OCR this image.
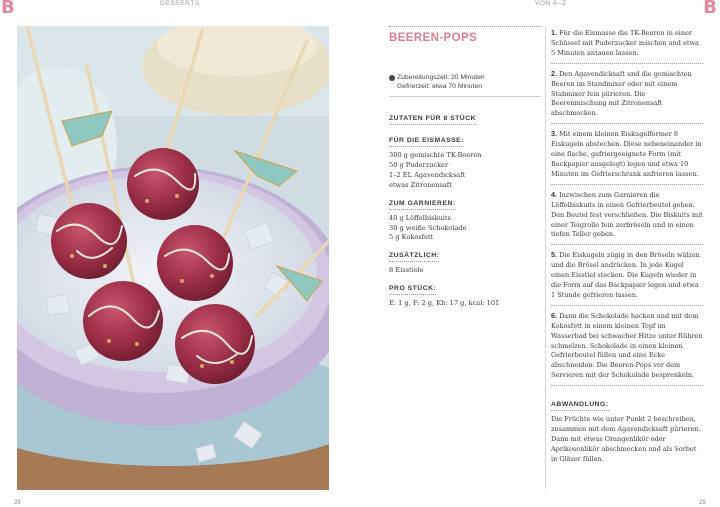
B	B
DESSERTS	VON A–Z
28	29
BEEREN-POPS
Zubereitungszeit: 20 Minuten
Gefrierzeit: etwa 70 Minuten
ZUTATEN FÜR 8 STÜCK
FÜR DIE EISMASSE:
300 g gemischte TK-Beeren
50 g Puderzucker
1–2 EL Agavendicksaft
etwas Zitronensaft
ZUM GARNIEREN:
40 g Löffelbiskuits
30 g weiße Schokolade
5 g Kokosfett
ZUSÄTZLICH:
8 Eisstiele
PRO STÜCK:
E: 1 g, F: 2 g, Kh: 17 g, kcal: 101
1. Für die Eismasse die TK-Beeren in einer Schüssel mit Puderzucker mischen und etwa 5 Minuten antauen lassen.
2. Den Agavendicksaft und die gemischten Beeren im Standmixer oder mit einem Stabmixer fein pürieren. Die Beerenmischung mit Zitronensaft abschmecken.
3. Mit einem kleinen Eiskugelformer 8 Eiskugeln abstechen. Diese nebeneinander in eine flache, gefriergeeignete Form (mit Backpapier ausgelegt) legen und etwa 10 Minuten im Gefrierschrank anfrieren lassen.
4. Inzwischen zum Garnieren die Löffelbiskuits in einen Gefrierbeutel geben. Den Beutel fest verschließen. Die Biskuits mit einer Teigrolle fein zerbröseln und in einen tiefen Teller geben.
5. Die Eiskugeln zügig in den Bröseln wälzen und die Brösel andrücken. In jede Kugel einen Eisstiel stecken. Die Kugeln wieder in die Form auf das Backpapier legen und etwa 1 Stunde gefrieren lassen.
6. Dann die Schokolade hacken und mit dem Kokosfett in einem kleinen Topf im Wasserbad bei schwacher Hitze unter Rühren schmelzen. Schokolade in einen kleinen Gefrierbeutel füllen und eine Ecke abschneiden. Die Beeren-Pops vor dem Servieren mit der Schokolade besprenkeln.
ABWANDLUNG:
Die Früchte wie unter Punkt 2 beschreiben, zusammen mit dem Agavendicksaft pürieren. Dann mit etwas Orangenlikör oder Aprikosenlikör abschmecken und als Sorbet in Gläser füllen.
